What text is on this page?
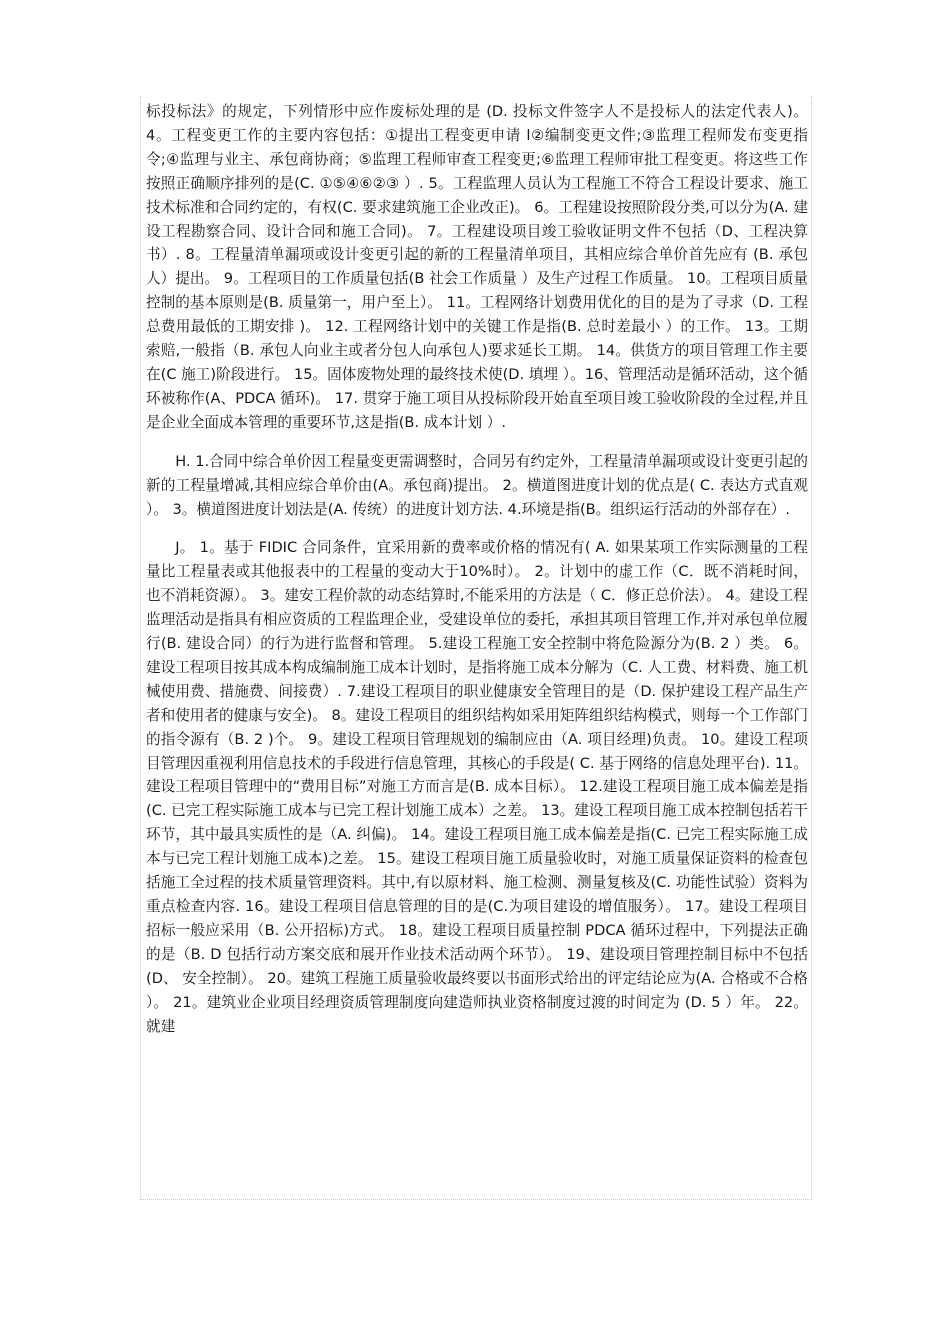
标投标法》的规定，下列情形中应作废标处理的是 (D. 投标文件签字人不是投标人的法定代表人)。 4。工程变更工作的主要内容包括：①提出工程变更申请 l②编制变更文件;③监理工程师发布变更指令;④监理与业主、承包商协商；⑤监理工程师审查工程变更;⑥监理工程师审批工程变更。将这些工作按照正确顺序排列的是(C. ①⑤④⑥②③ ）. 5。工程监理人员认为工程施工不符合工程设计要求、施工技术标准和合同约定的，有权(C. 要求建筑施工企业改正)。 6。工程建设按照阶段分类,可以分为(A. 建设工程勘察合同、设计合同和施工合同)。 7。工程建设项目竣工验收证明文件不包括（D、工程决算书）. 8。工程量清单漏项或设计变更引起的新的工程量清单项目，其相应综合单价首先应有 (B. 承包人）提出。 9。工程项目的工作质量包括(B 社会工作质量 ）及生产过程工作质量。 10。工程项目质量控制的基本原则是(B. 质量第一，用户至上）。 11。工程网络计划费用优化的目的是为了寻求（D. 工程总费用最低的工期安排 )。 12. 工程网络计划中的关键工作是指(B. 总时差最小 ）的工作。 13。工期索赔,一般指（B. 承包人向业主或者分包人向承包人)要求延长工期。 14。供货方的项目管理工作主要在(C 施工)阶段进行。 15。固体废物处理的最终技术使(D. 填埋 ）。16、管理活动是循环活动，这个循环被称作(A、PDCA 循环)。 17. 贯穿于施工项目从投标阶段开始直至项目竣工验收阶段的全过程,并且是企业全面成本管理的重要环节,这是指(B. 成本计划 ）.

H. 1.合同中综合单价因工程量变更需调整时，合同另有约定外，工程量清单漏项或设计变更引起的新的工程量增减,其相应综合单价由(A。承包商)提出。 2。横道图进度计划的优点是( C. 表达方式直观 ）。 3。横道图进度计划法是(A. 传统）的进度计划方法. 4.环境是指(B。组织运行活动的外部存在）.

J。 1。基于 FIDIC 合同条件，宜采用新的费率或价格的情况有( A. 如果某项工作实际测量的工程量比工程量表或其他报表中的工程量的变动大于10%时）。 2。计划中的虚工作（C．既不消耗时间，也不消耗资源）。 3。建安工程价款的动态结算时,不能采用的方法是（ C．修正总价法）。 4。建设工程监理活动是指具有相应资质的工程监理企业，受建设单位的委托，承担其项目管理工作,并对承包单位履行(B. 建设合同）的行为进行监督和管理。 5.建设工程施工安全控制中将危险源分为(B. 2 ）类。 6。建设工程项目按其成本构成编制施工成本计划时，是指将施工成本分解为（C. 人工费、材料费、施工机械使用费、措施费、间接费）. 7.建设工程项目的职业健康安全管理目的是（D. 保护建设工程产品生产者和使用者的健康与安全)。 8。建设工程项目的组织结构如采用矩阵组织结构模式，则每一个工作部门的指令源有（B. 2 )个。 9。建设工程项目管理规划的编制应由（A. 项目经理)负责。 10。建设工程项目管理因重视利用信息技术的手段进行信息管理，其核心的手段是( C. 基于网络的信息处理平台). 11。建设工程项目管理中的“费用目标”对施工方而言是(B. 成本目标）。 12.建设工程项目施工成本偏差是指(C. 已完工程实际施工成本与已完工程计划施工成本）之差。 13。建设工程项目施工成本控制包括若干环节，其中最具实质性的是（A. 纠偏)。 14。建设工程项目施工成本偏差是指(C. 已完工程实际施工成本与已完工程计划施工成本)之差。 15。建设工程项目施工质量验收时，对施工质量保证资料的检查包括施工全过程的技术质量管理资料。其中,有以原材料、施工检测、测量复核及(C. 功能性试验）资料为重点检查内容. 16。建设工程项目信息管理的目的是(C.为项目建设的增值服务）。 17。建设工程项目招标一般应采用（B. 公开招标)方式。 18。建设工程项目质量控制 PDCA 循环过程中，下列提法正确的是（B. D 包括行动方案交底和展开作业技术活动两个环节）。 19、建设项目管理控制目标中不包括(D、 安全控制）。 20。建筑工程施工质量验收最终要以书面形式给出的评定结论应为(A. 合格或不合格 ）。 21。建筑业企业项目经理资质管理制度向建造师执业资格制度过渡的时间定为 (D. 5 ）年。 22。就建
